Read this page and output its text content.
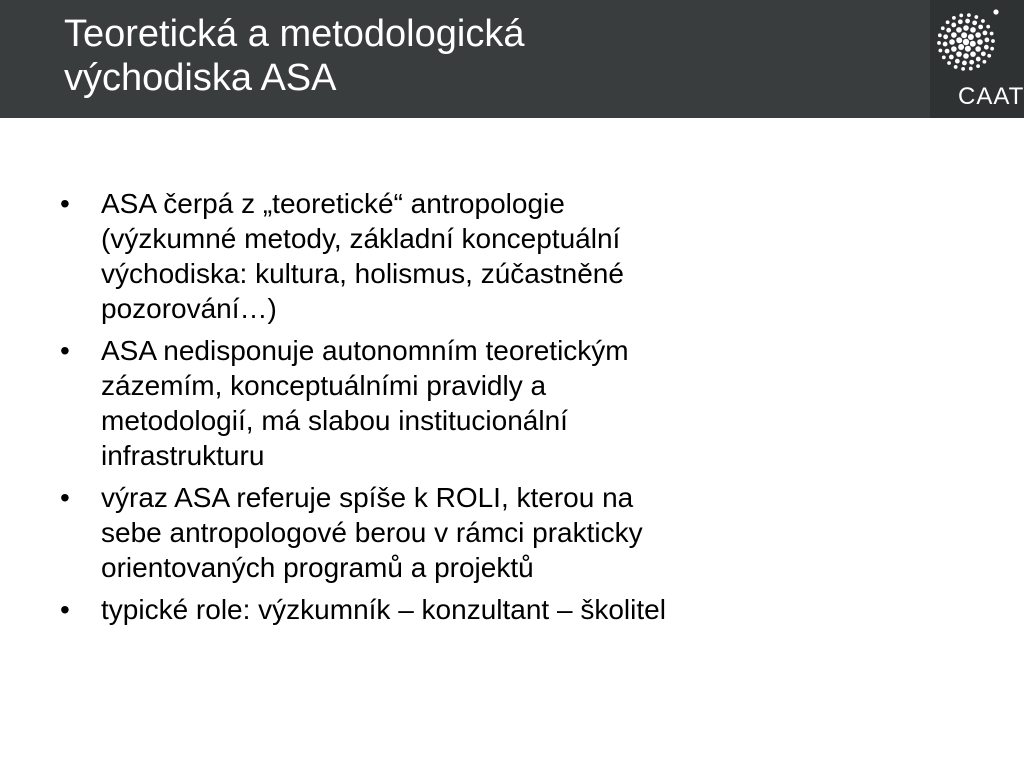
Teoretická a metodologická
východiska ASA	CAAT
• ASA čerpá z „teoretické“ antropologie
(výzkumné metody, základní konceptuální
východiska: kultura, holismus, zúčastněné
pozorování…)
• ASA nedisponuje autonomním teoretickým
zázemím, konceptuálními pravidly a
metodologií, má slabou institucionální
infrastrukturu
• výraz ASA referuje spíše k ROLI, kterou na
sebe antropologové berou v rámci prakticky
orientovaných programů a projektů
• typické role: výzkumník – konzultant – školitel
